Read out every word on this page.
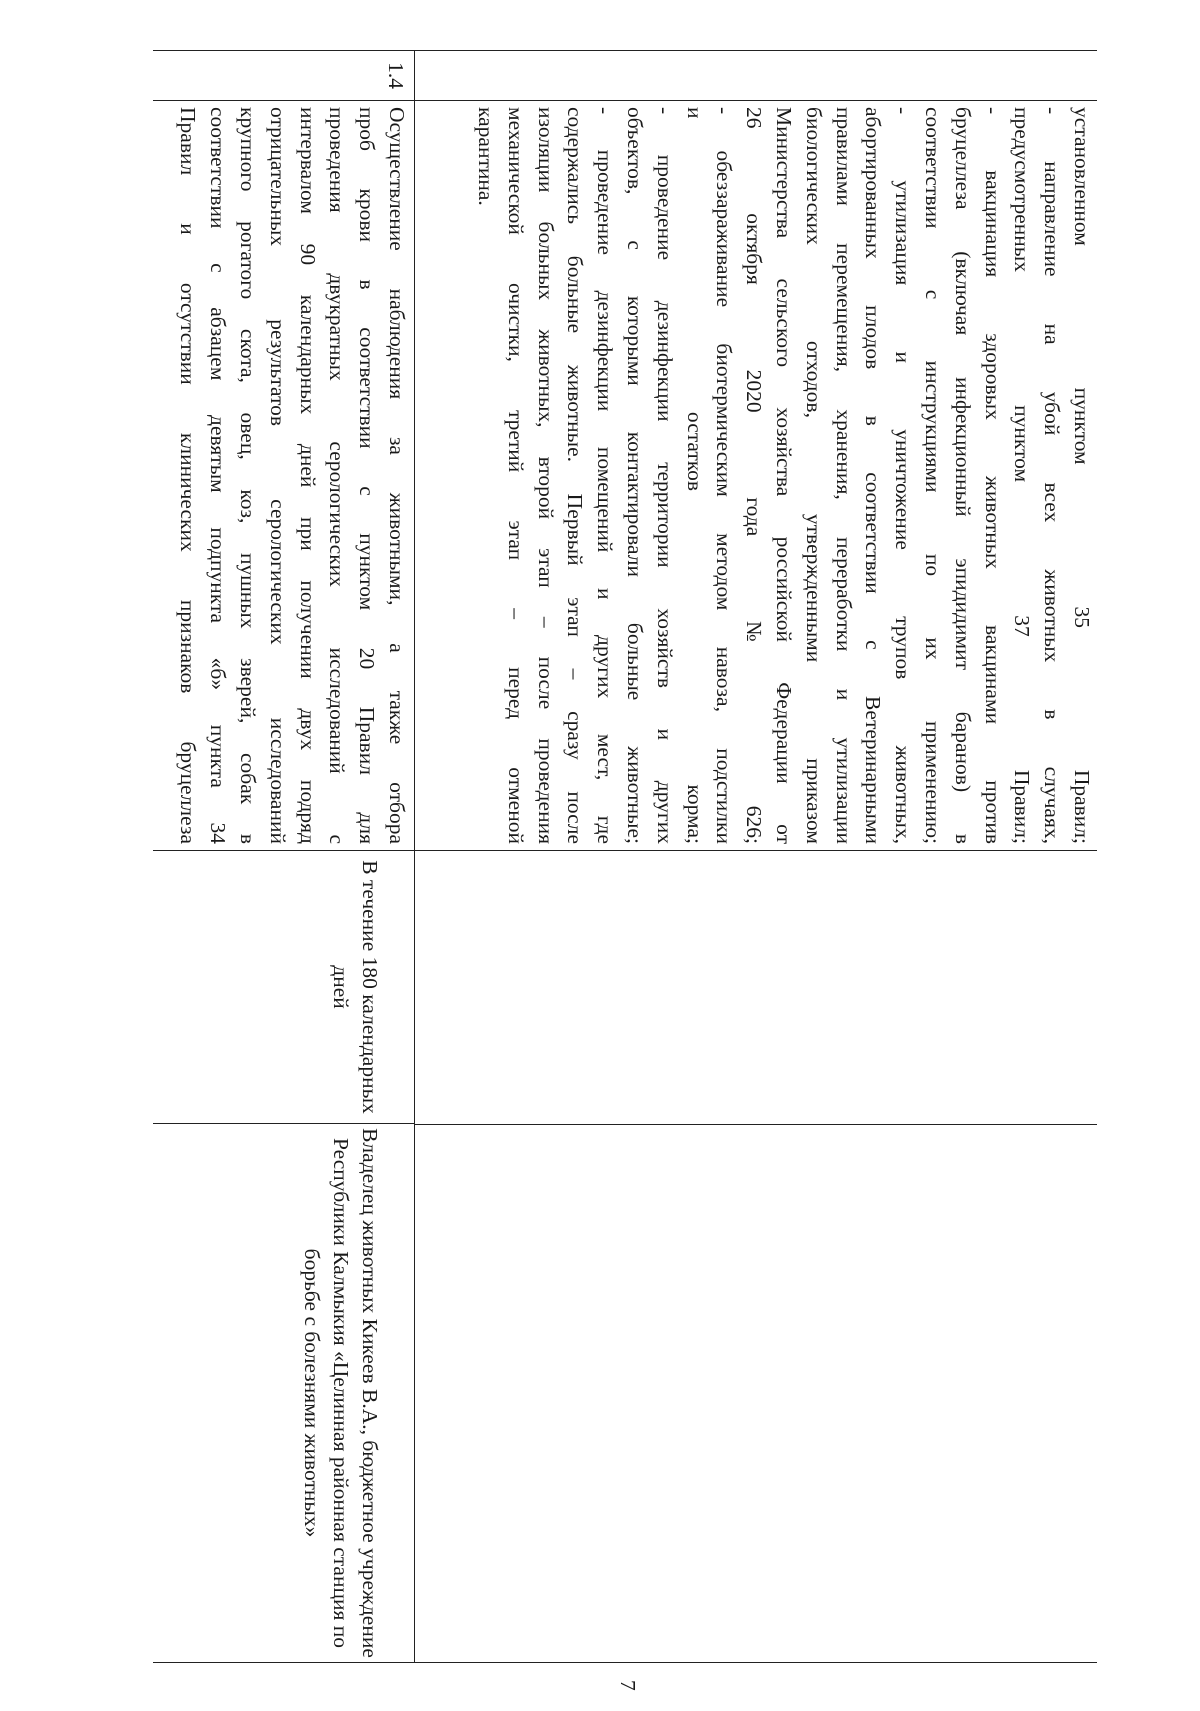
установленном пунктом 35 Правил;
- направление на убой всех животных в случаях,
предусмотренных пунктом 37 Правил;
- вакцинация здоровых животных вакцинами против
бруцеллеза (включая инфекционный эпидидимит баранов) в
соответствии с инструкциями по их применению;
- утилизация и уничтожение трупов животных,
абортированных плодов в соответствии с Ветеринарными
правилами перемещения, хранения, переработки и утилизации
биологических отходов, утвержденными приказом
Министерства сельского хозяйства российской Федерации от
26 октября 2020 года № 626;
- обеззараживание биотермическим методом навоза, подстилки
и остатков корма;
- проведение дезинфекции территории хозяйств и других
объектов, с которыми контактировали больные животные;
- проведение дезинфекции помещений и других мест, где
содержались больные животные. Первый этап – сразу после
изоляции больных животных, второй этап – после проведения
механической очистки, третий этап – перед отменой
карантина.
1.4
Осуществление наблюдения за животными, а также отбора
проб крови в соответствии с пунктом 20 Правил для
проведения двукратных серологических исследований с
интервалом 90 календарных дней при получении двух подряд
отрицательных результатов серологических исследований
крупного рогатого скота, овец, коз, пушных зверей, собак в
соответствии с абзацем девятым подпункта «б» пункта 34
Правил и отсутствии клинических признаков бруцеллеза
В течение 180 календарных дней
Владелец животных Кикеев В.А., бюджетное учреждение Республики Калмыкия «Целинная районная станция по борьбе с болезнями животных»
7
